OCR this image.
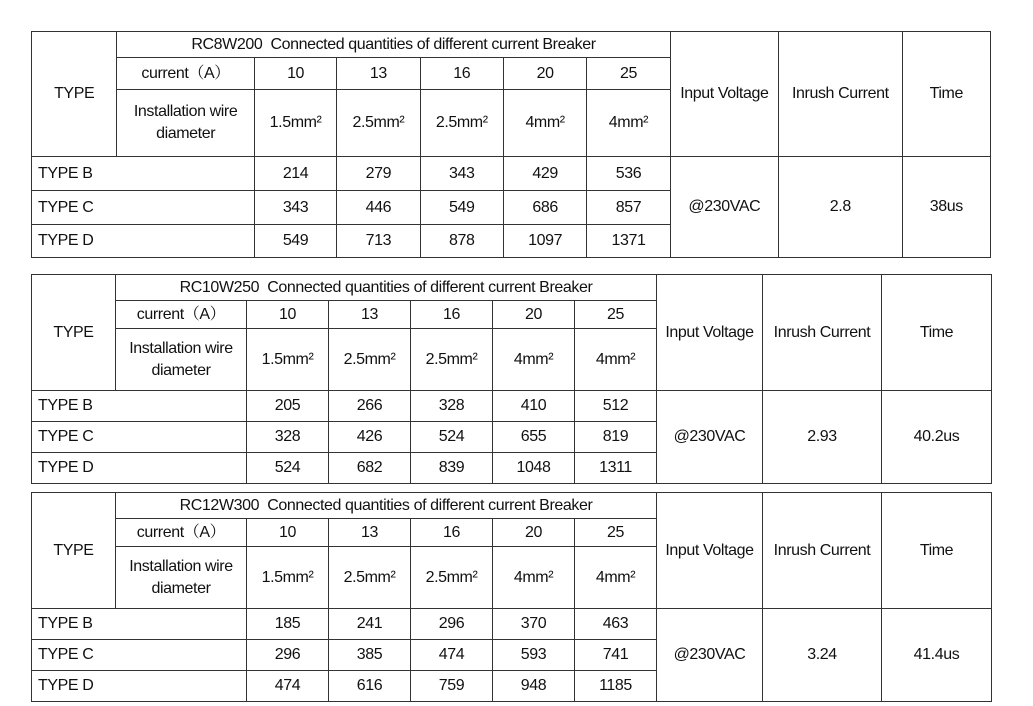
TYPE	RC8W200 Connected quantities of different current Breaker						Input Voltage	Inrush Current	Time
	current（A）	10	13	16	20	25			
	Installation wire diameter	1.5mm²	2.5mm²	2.5mm²	4mm²	4mm²			
TYPE B		214	279	343	429	536	@230VAC	2.8	38us
TYPE C		343	446	549	686	857			
TYPE D		549	713	878	1097	1371			
TYPE	RC10W250 Connected quantities of different current Breaker						Input Voltage	Inrush Current	Time
	current（A）	10	13	16	20	25			
	Installation wire diameter	1.5mm²	2.5mm²	2.5mm²	4mm²	4mm²			
TYPE B		205	266	328	410	512	@230VAC	2.93	40.2us
TYPE C		328	426	524	655	819			
TYPE D		524	682	839	1048	1311			
TYPE	RC12W300 Connected quantities of different current Breaker						Input Voltage	Inrush Current	Time
	current（A）	10	13	16	20	25			
	Installation wire diameter	1.5mm²	2.5mm²	2.5mm²	4mm²	4mm²			
TYPE B		185	241	296	370	463	@230VAC	3.24	41.4us
TYPE C		296	385	474	593	741			
TYPE D		474	616	759	948	1185			
